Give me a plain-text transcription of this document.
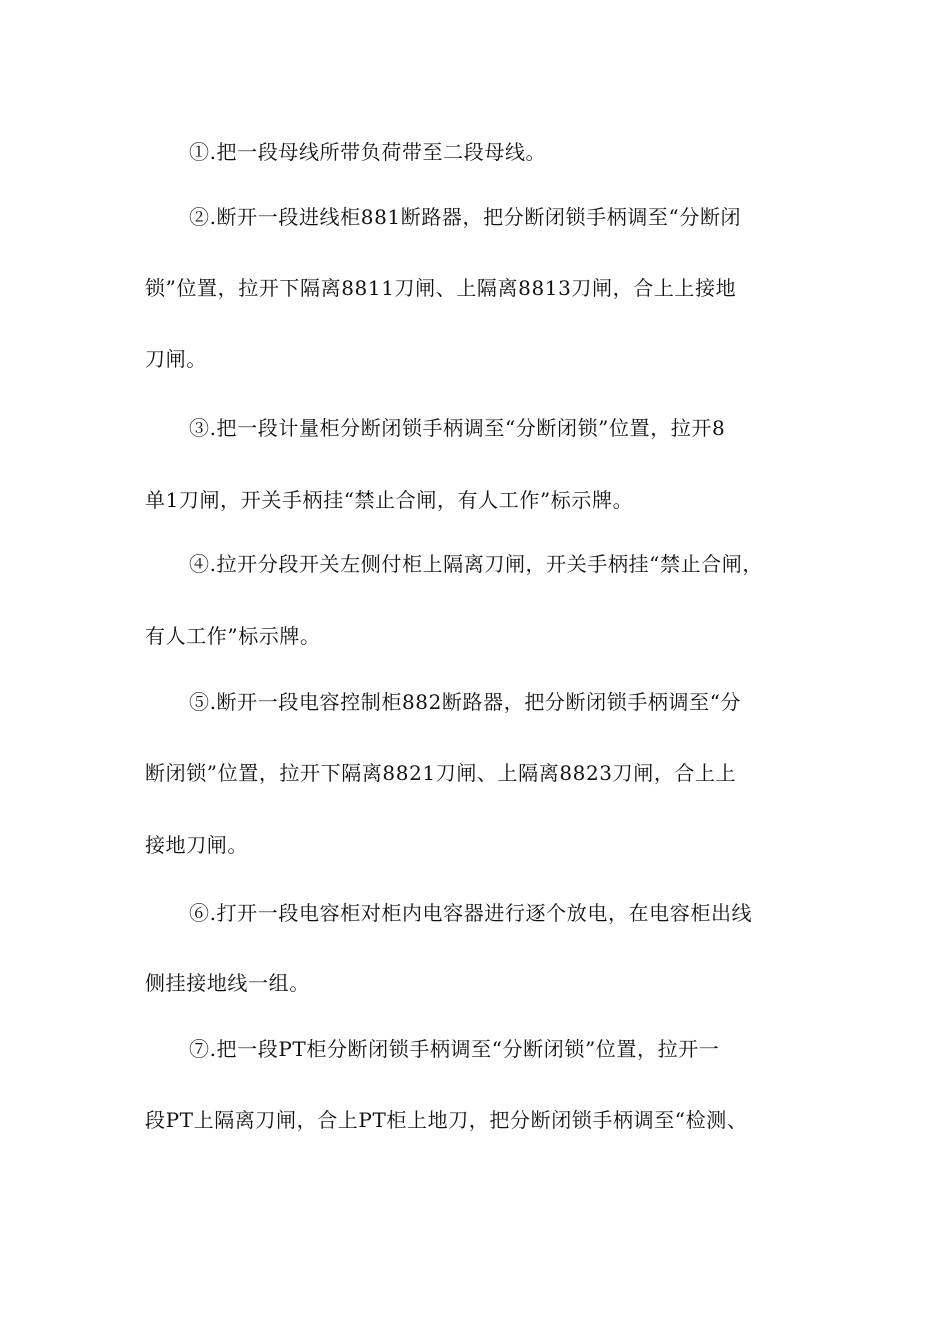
①.把一段母线所带负荷带至二段母线。
②.断开一段进线柜881断路器，把分断闭锁手柄调至“分断闭
锁”位置，拉开下隔离8811刀闸、上隔离8813刀闸，合上上接地
刀闸。
③.把一段计量柜分断闭锁手柄调至“分断闭锁”位置，拉开8
单1刀闸，开关手柄挂“禁止合闸，有人工作”标示牌。
④.拉开分段开关左侧付柜上隔离刀闸，开关手柄挂“禁止合闸，
有人工作”标示牌。
⑤.断开一段电容控制柜882断路器，把分断闭锁手柄调至“分
断闭锁”位置，拉开下隔离8821刀闸、上隔离8823刀闸，合上上
接地刀闸。
⑥.打开一段电容柜对柜内电容器进行逐个放电，在电容柜出线
侧挂接地线一组。
⑦.把一段PT柜分断闭锁手柄调至“分断闭锁”位置，拉开一
段PT上隔离刀闸，合上PT柜上地刀，把分断闭锁手柄调至“检测、
